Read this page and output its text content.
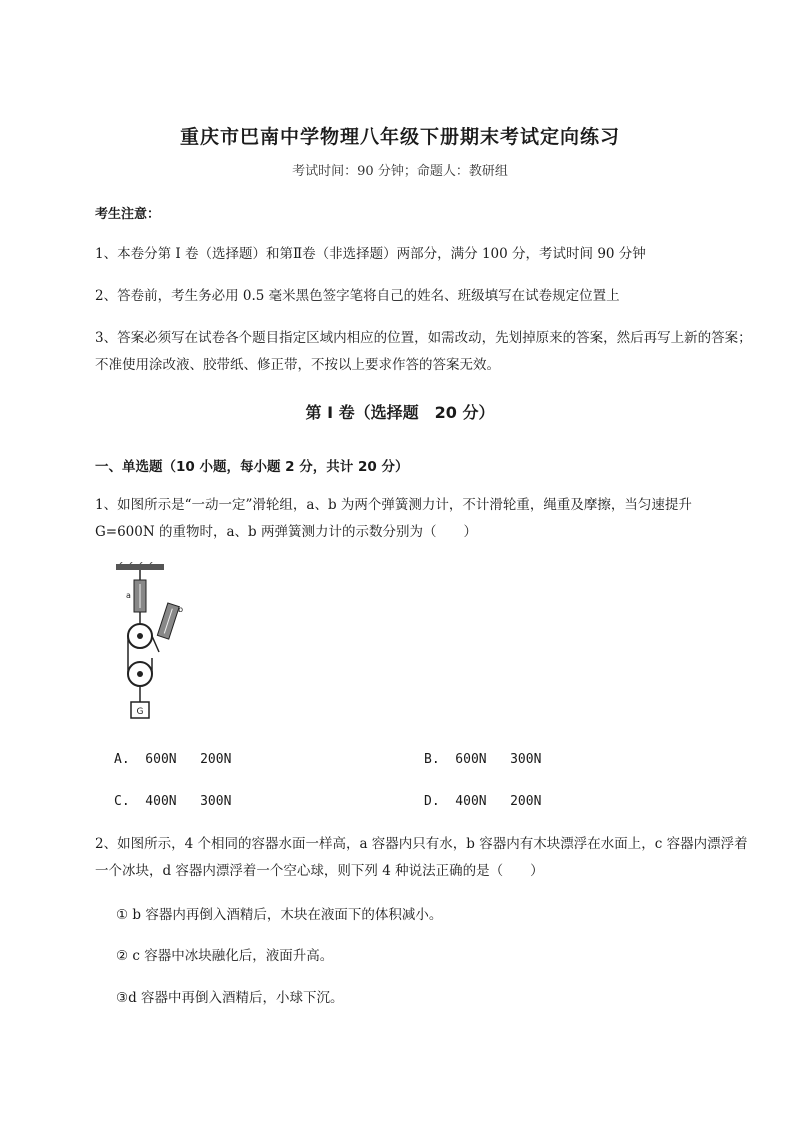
重庆市巴南中学物理八年级下册期末考试定向练习
考试时间：90 分钟；命题人：教研组
考生注意：
1、本卷分第 I 卷（选择题）和第Ⅱ卷（非选择题）两部分，满分 100 分，考试时间 90 分钟
2、答卷前，考生务必用 0.5 毫米黑色签字笔将自己的姓名、班级填写在试卷规定位置上
3、答案必须写在试卷各个题目指定区域内相应的位置，如需改动，先划掉原来的答案，然后再写上新的答案；不准使用涂改液、胶带纸、修正带，不按以上要求作答的答案无效。
第 I 卷（选择题　20 分）
一、单选题（10 小题，每小题 2 分，共计 20 分）
1、如图所示是“一动一定”滑轮组，a、b 为两个弹簧测力计，不计滑轮重，绳重及摩擦，当匀速提升 G=600N 的重物时，a、b 两弹簧测力计的示数分别为（　　）
a
b
G
A.  600N   200N	B.  600N   300N
C.  400N   300N	D.  400N   200N
2、如图所示，4 个相同的容器水面一样高，a 容器内只有水，b 容器内有木块漂浮在水面上，c 容器内漂浮着一个冰块，d 容器内漂浮着一个空心球，则下列 4 种说法正确的是（　　）
① b 容器内再倒入酒精后，木块在液面下的体积减小。
② c 容器中冰块融化后，液面升高。
③d 容器中再倒入酒精后，小球下沉。
